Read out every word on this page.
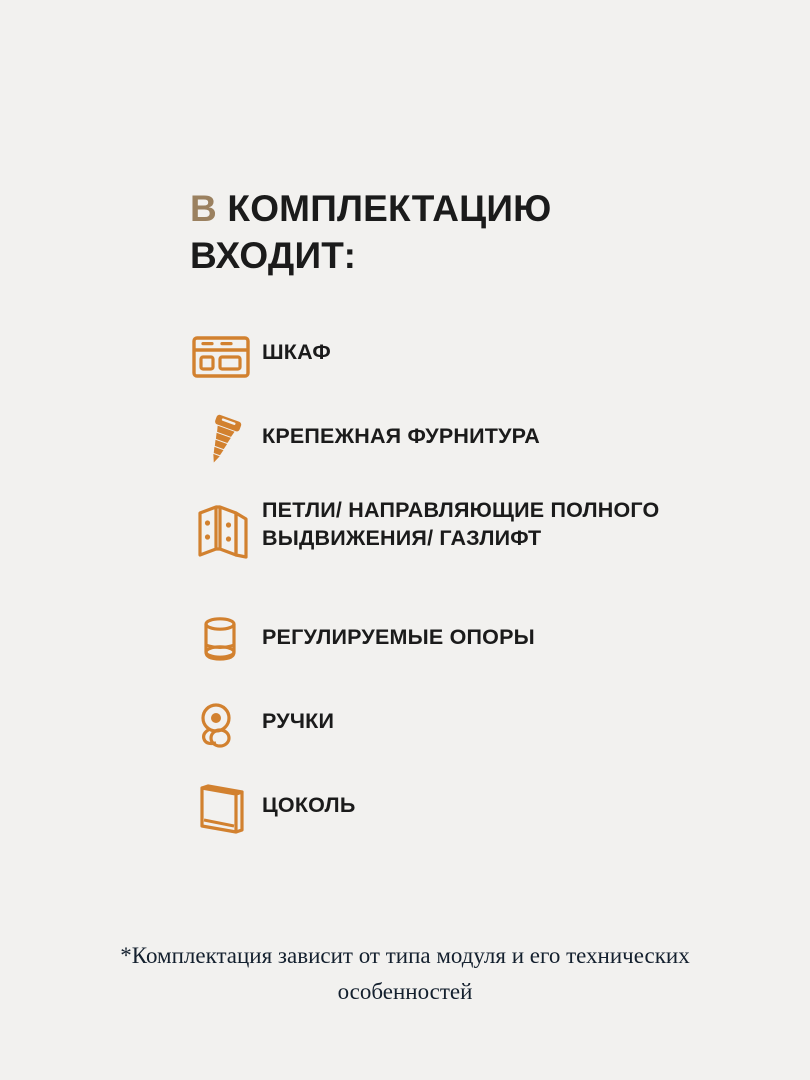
В КОМПЛЕКТАЦИЮ ВХОДИТ:
ШКАФ
КРЕПЕЖНАЯ ФУРНИТУРА
ПЕТЛИ/ НАПРАВЛЯЮЩИЕ ПОЛНОГО ВЫДВИЖЕНИЯ/ ГАЗЛИФТ
РЕГУЛИРУЕМЫЕ ОПОРЫ
РУЧКИ
ЦОКОЛЬ

*Комплектация зависит от типа модуля и его технических особенностей
